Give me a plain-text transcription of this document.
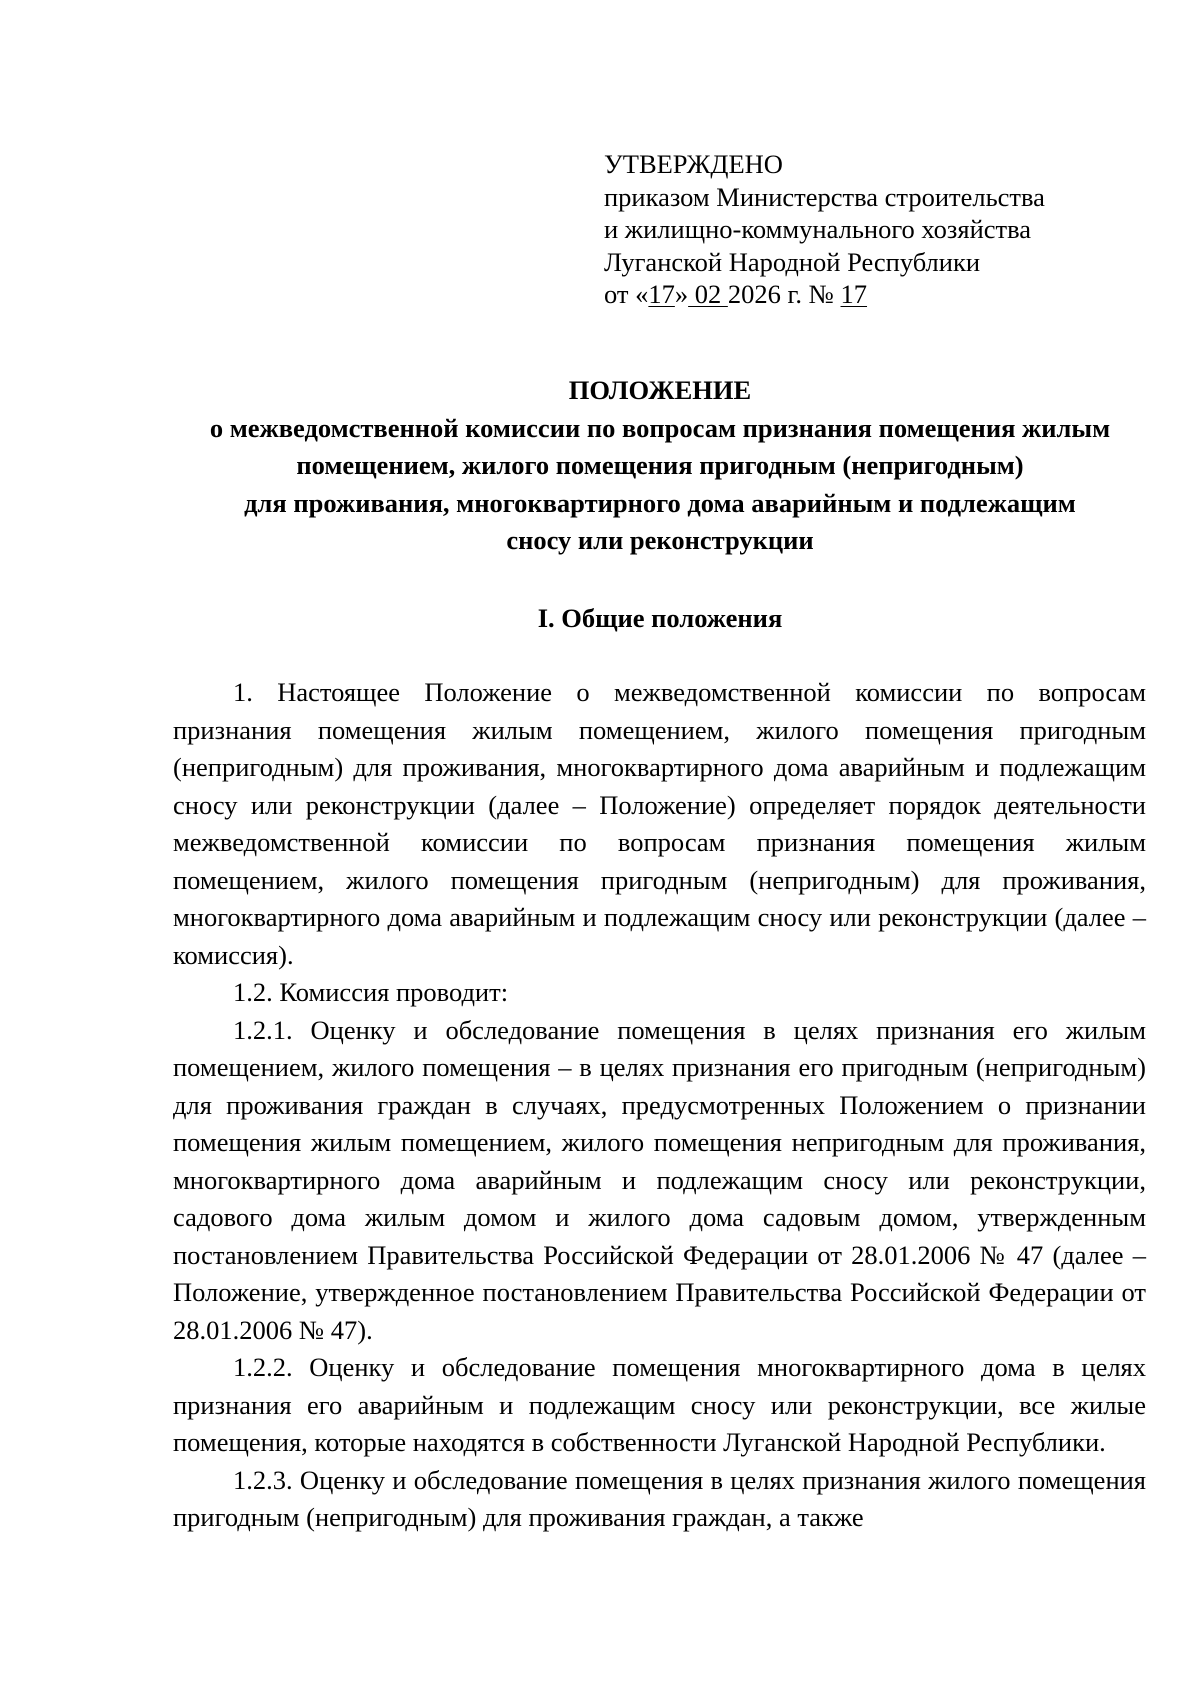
УТВЕРЖДЕНО
приказом Министерства строительства
и жилищно-коммунального хозяйства
Луганской Народной Республики
от «17» 02 2026 г. № 17
ПОЛОЖЕНИЕ
о межведомственной комиссии по вопросам признания помещения жилым
помещением, жилого помещения пригодным (непригодным)
для проживания, многоквартирного дома аварийным и подлежащим
сносу или реконструкции
I. Общие положения

1. Настоящее Положение о межведомственной комиссии по вопросам признания помещения жилым помещением, жилого помещения пригодным (непригодным) для проживания, многоквартирного дома аварийным и подлежащим сносу или реконструкции (далее – Положение) определяет порядок деятельности межведомственной комиссии по вопросам признания помещения жилым помещением, жилого помещения пригодным (непригодным) для проживания, многоквартирного дома аварийным и подлежащим сносу или реконструкции (далее – комиссия).

1.2. Комиссия проводит:

1.2.1. Оценку и обследование помещения в целях признания его жилым помещением, жилого помещения – в целях признания его пригодным (непригодным) для проживания граждан в случаях, предусмотренных Положением о признании помещения жилым помещением, жилого помещения непригодным для проживания, многоквартирного дома аварийным и подлежащим сносу или реконструкции, садового дома жилым домом и жилого дома садовым домом, утвержденным постановлением Правительства Российской Федерации от 28.01.2006 № 47 (далее – Положение, утвержденное постановлением Правительства Российской Федерации от 28.01.2006 № 47).

1.2.2. Оценку и обследование помещения многоквартирного дома в целях признания его аварийным и подлежащим сносу или реконструкции, все жилые помещения, которые находятся в собственности Луганской Народной Республики.

1.2.3. Оценку и обследование помещения в целях признания жилого помещения пригодным (непригодным) для проживания граждан, а также
